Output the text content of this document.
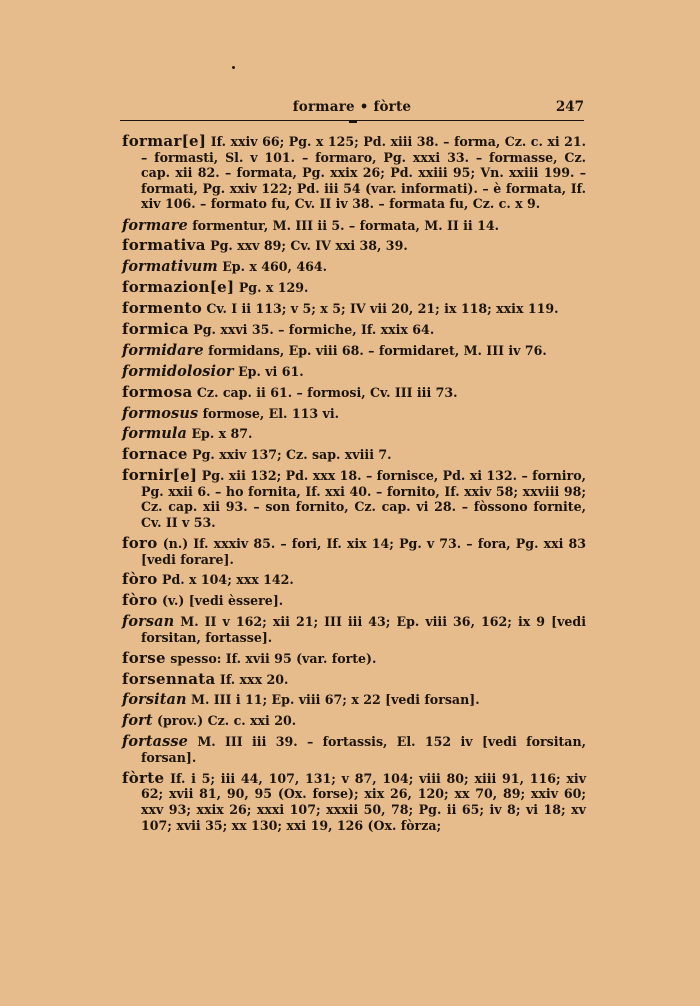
formare • fòrte	247
formar[e] If. xxiv 66; Pg. x 125; Pd. xiii 38. – forma, Cz. c. xi 21. – formasti, Sl. v 101. – formaro, Pg. xxxi 33. – formasse, Cz. cap. xii 82. – formata, Pg. xxix 26; Pd. xxiii 95; Vn. xxiii 199. – formati, Pg. xxiv 122; Pd. iii 54 (var. informati). – è formata, If. xiv 106. – formato fu, Cv. II iv 38. – formata fu, Cz. c. x 9.
formare formentur, M. III ii 5. – formata, M. II ii 14.
formativa Pg. xxv 89; Cv. IV xxi 38, 39.
formativum Ep. x 460, 464.
formazion[e] Pg. x 129.
formento Cv. I ii 113; v 5; x 5; IV vii 20, 21; ix 118; xxix 119.
formica Pg. xxvi 35. – formiche, If. xxix 64.
formidare formidans, Ep. viii 68. – formidaret, M. III iv 76.
formidolosior Ep. vi 61.
formosa Cz. cap. ii 61. – formosi, Cv. III iii 73.
formosus formose, El. 113 vi.
formula Ep. x 87.
fornace Pg. xxiv 137; Cz. sap. xviii 7.
fornir[e] Pg. xii 132; Pd. xxx 18. – fornisce, Pd. xi 132. – forniro, Pg. xxii 6. – ho fornita, If. xxi 40. – fornito, If. xxiv 58; xxviii 98; Cz. cap. xii 93. – son fornito, Cz. cap. vi 28. – fòssono fornite, Cv. II v 53.
foro (n.) If. xxxiv 85. – fori, If. xix 14; Pg. v 73. – fora, Pg. xxi 83 [vedi forare].
fòro Pd. x 104; xxx 142.
fòro (v.) [vedi èssere].
forsan M. II v 162; xii 21; III iii 43; Ep. viii 36, 162; ix 9 [vedi forsitan, fortasse].
forse spesso: If. xvii 95 (var. forte).
forsennata If. xxx 20.
forsitan M. III i 11; Ep. viii 67; x 22 [vedi forsan].
fort (prov.) Cz. c. xxi 20.
fortasse M. III iii 39. – fortassis, El. 152 iv [vedi forsitan, forsan].
fòrte If. i 5; iii 44, 107, 131; v 87, 104; viii 80; xiii 91, 116; xiv 62; xvii 81, 90, 95 (Ox. forse); xix 26, 120; xx 70, 89; xxiv 60; xxv 93; xxix 26; xxxi 107; xxxii 50, 78; Pg. ii 65; iv 8; vi 18; xv 107; xvii 35; xx 130; xxi 19, 126 (Ox. fòrza;
